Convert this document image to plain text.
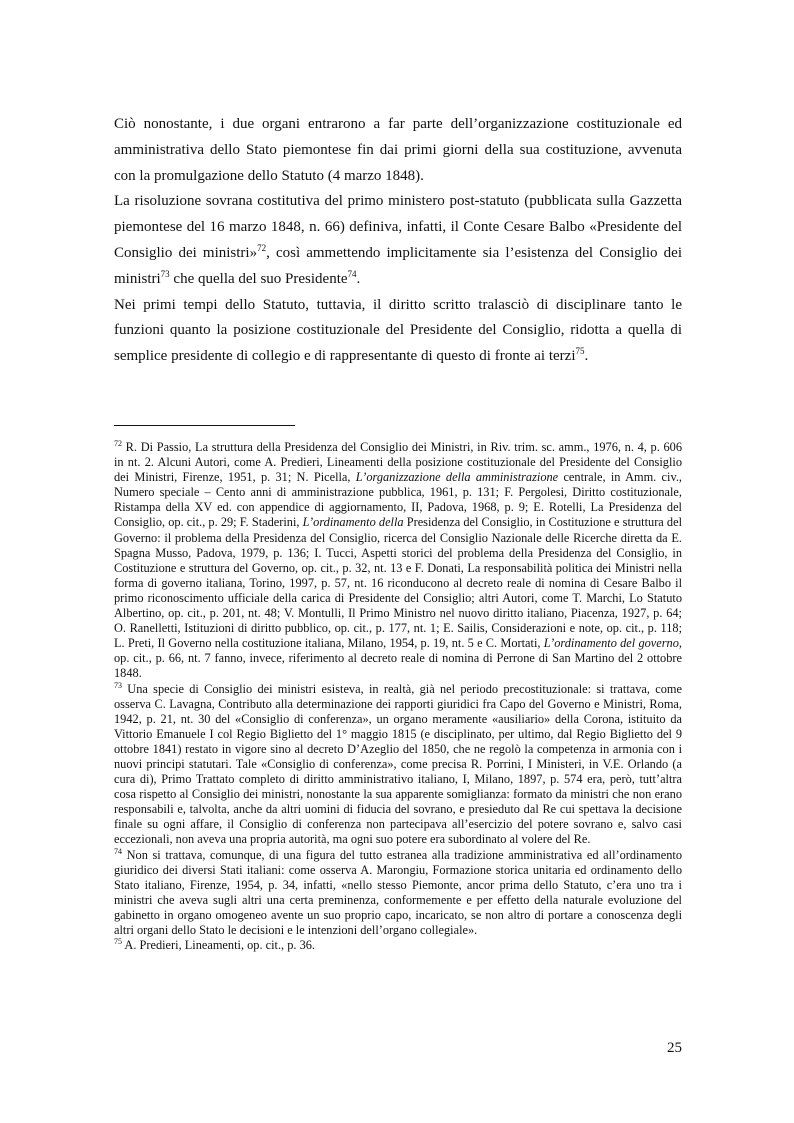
Ciò nonostante, i due organi entrarono a far parte dell’organizzazione costituzionale ed amministrativa dello Stato piemontese fin dai primi giorni della sua costituzione, avvenuta con la promulgazione dello Statuto (4 marzo 1848).

La risoluzione sovrana costitutiva del primo ministero post-statuto (pubblicata sulla Gazzetta piemontese del 16 marzo 1848, n. 66) definiva, infatti, il Conte Cesare Balbo «Presidente del Consiglio dei ministri»$^{72}$, così ammettendo implicitamente sia l’esistenza del Consiglio dei ministri$^{73}$ che quella del suo Presidente$^{74}$.

Nei primi tempi dello Statuto, tuttavia, il diritto scritto tralasciò di disciplinare tanto le funzioni quanto la posizione costituzionale del Presidente del Consiglio, ridotta a quella di semplice presidente di collegio e di rappresentante di questo di fronte ai terzi$^{75}$.

$^{72}$ R. Di Passio, La struttura della Presidenza del Consiglio dei Ministri, in Riv. trim. sc. amm., 1976, n. 4, p. 606 in nt. 2. Alcuni Autori, come A. Predieri, Lineamenti della posizione costituzionale del Presidente del Consiglio dei Ministri, Firenze, 1951, p. 31; N. Picella, L’organizzazione della amministrazione centrale, in Amm. civ., Numero speciale – Cento anni di amministrazione pubblica, 1961, p. 131; F. Pergolesi, Diritto costituzionale, Ristampa della XV ed. con appendice di aggiornamento, II, Padova, 1968, p. 9; E. Rotelli, La Presidenza del Consiglio, op. cit., p. 29; F. Staderini, L’ordinamento della Presidenza del Consiglio, in Costituzione e struttura del Governo: il problema della Presidenza del Consiglio, ricerca del Consiglio Nazionale delle Ricerche diretta da E. Spagna Musso, Padova, 1979, p. 136; I. Tucci, Aspetti storici del problema della Presidenza del Consiglio, in Costituzione e struttura del Governo, op. cit., p. 32, nt. 13 e F. Donati, La responsabilità politica dei Ministri nella forma di governo italiana, Torino, 1997, p. 57, nt. 16 riconducono al decreto reale di nomina di Cesare Balbo il primo riconoscimento ufficiale della carica di Presidente del Consiglio; altri Autori, come T. Marchi, Lo Statuto Albertino, op. cit., p. 201, nt. 48; V. Montulli, Il Primo Ministro nel nuovo diritto italiano, Piacenza, 1927, p. 64; O. Ranelletti, Istituzioni di diritto pubblico, op. cit., p. 177, nt. 1; E. Sailis, Considerazioni e note, op. cit., p. 118; L. Preti, Il Governo nella costituzione italiana, Milano, 1954, p. 19, nt. 5 e C. Mortati, L’ordinamento del governo, op. cit., p. 66, nt. 7 fanno, invece, riferimento al decreto reale di nomina di Perrone di San Martino del 2 ottobre 1848.

$^{73}$ Una specie di Consiglio dei ministri esisteva, in realtà, già nel periodo precostituzionale: si trattava, come osserva C. Lavagna, Contributo alla determinazione dei rapporti giuridici fra Capo del Governo e Ministri, Roma, 1942, p. 21, nt. 30 del «Consiglio di conferenza», un organo meramente «ausiliario» della Corona, istituito da Vittorio Emanuele I col Regio Biglietto del 1° maggio 1815 (e disciplinato, per ultimo, dal Regio Biglietto del 9 ottobre 1841) restato in vigore sino al decreto D’Azeglio del 1850, che ne regolò la competenza in armonia con i nuovi principi statutari. Tale «Consiglio di conferenza», come precisa R. Porrini, I Ministeri, in V.E. Orlando (a cura di), Primo Trattato completo di diritto amministrativo italiano, I, Milano, 1897, p. 574 era, però, tutt’altra cosa rispetto al Consiglio dei ministri, nonostante la sua apparente somiglianza: formato da ministri che non erano responsabili e, talvolta, anche da altri uomini di fiducia del sovrano, e presieduto dal Re cui spettava la decisione finale su ogni affare, il Consiglio di conferenza non partecipava all’esercizio del potere sovrano e, salvo casi eccezionali, non aveva una propria autorità, ma ogni suo potere era subordinato al volere del Re.

$^{74}$ Non si trattava, comunque, di una figura del tutto estranea alla tradizione amministrativa ed all’ordinamento giuridico dei diversi Stati italiani: come osserva A. Marongiu, Formazione storica unitaria ed ordinamento dello Stato italiano, Firenze, 1954, p. 34, infatti, «nello stesso Piemonte, ancor prima dello Statuto, c’era uno tra i ministri che aveva sugli altri una certa preminenza, conformemente e per effetto della naturale evoluzione del gabinetto in organo omogeneo avente un suo proprio capo, incaricato, se non altro di portare a conoscenza degli altri organi dello Stato le decisioni e le intenzioni dell’organo collegiale».

$^{75}$ A. Predieri, Lineamenti, op. cit., p. 36.

25
